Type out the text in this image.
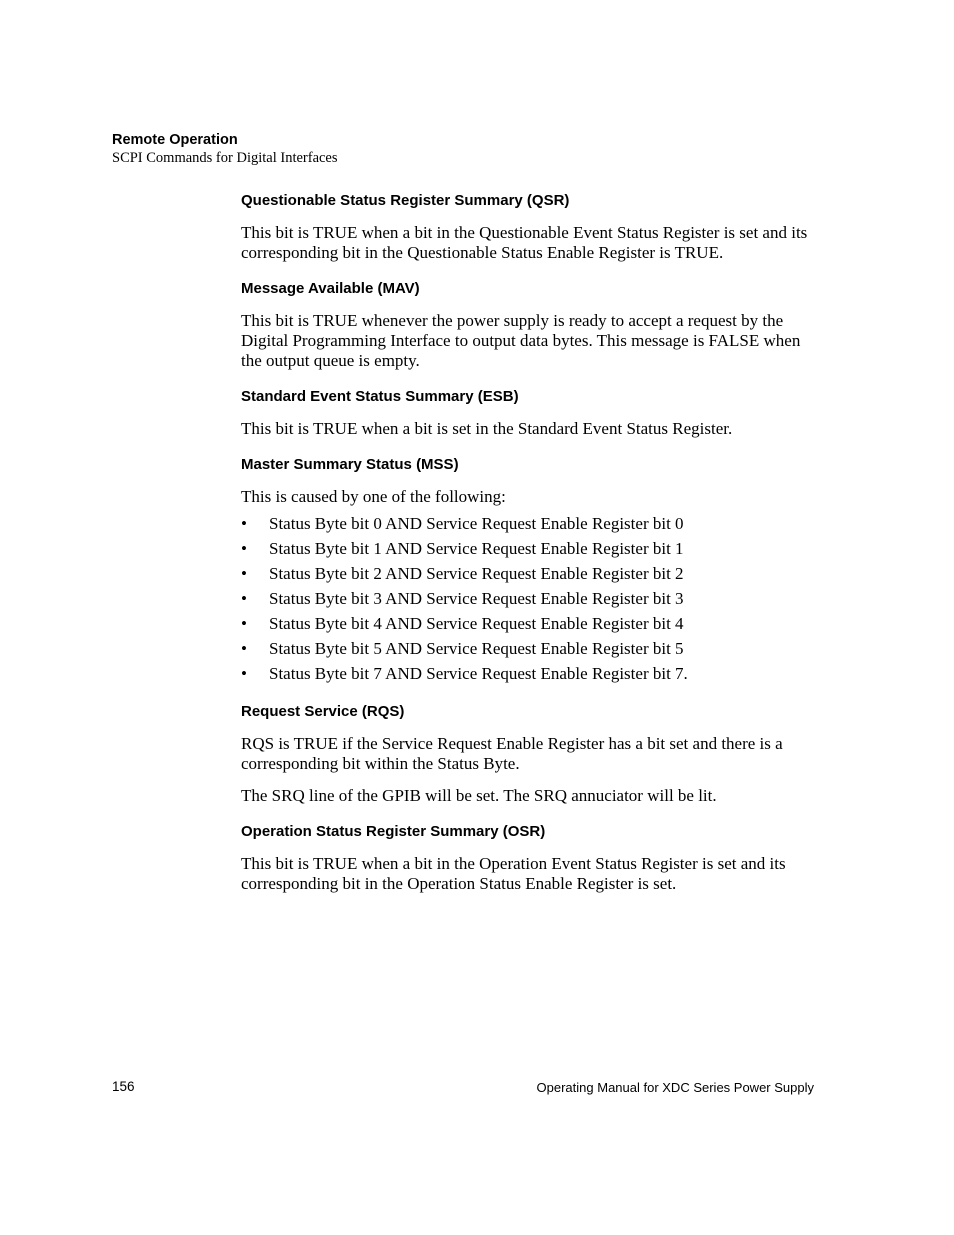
Remote Operation
SCPI Commands for Digital Interfaces
Questionable Status Register Summary (QSR)

This bit is TRUE when a bit in the Questionable Event Status Register is set and its corresponding bit in the Questionable Status Enable Register is TRUE.

Message Available (MAV)

This bit is TRUE whenever the power supply is ready to accept a request by the Digital Programming Interface to output data bytes. This message is FALSE when the output queue is empty.

Standard Event Status Summary (ESB)

This bit is TRUE when a bit is set in the Standard Event Status Register.

Master Summary Status (MSS)

This is caused by one of the following:

• Status Byte bit 0 AND Service Request Enable Register bit 0
• Status Byte bit 1 AND Service Request Enable Register bit 1
• Status Byte bit 2 AND Service Request Enable Register bit 2
• Status Byte bit 3 AND Service Request Enable Register bit 3
• Status Byte bit 4 AND Service Request Enable Register bit 4
• Status Byte bit 5 AND Service Request Enable Register bit 5
• Status Byte bit 7 AND Service Request Enable Register bit 7.
Request Service (RQS)

RQS is TRUE if the Service Request Enable Register has a bit set and there is a corresponding bit within the Status Byte.

The SRQ line of the GPIB will be set. The SRQ annuciator will be lit.

Operation Status Register Summary (OSR)

This bit is TRUE when a bit in the Operation Event Status Register is set and its corresponding bit in the Operation Status Enable Register is set.

156	Operating Manual for XDC Series Power Supply
